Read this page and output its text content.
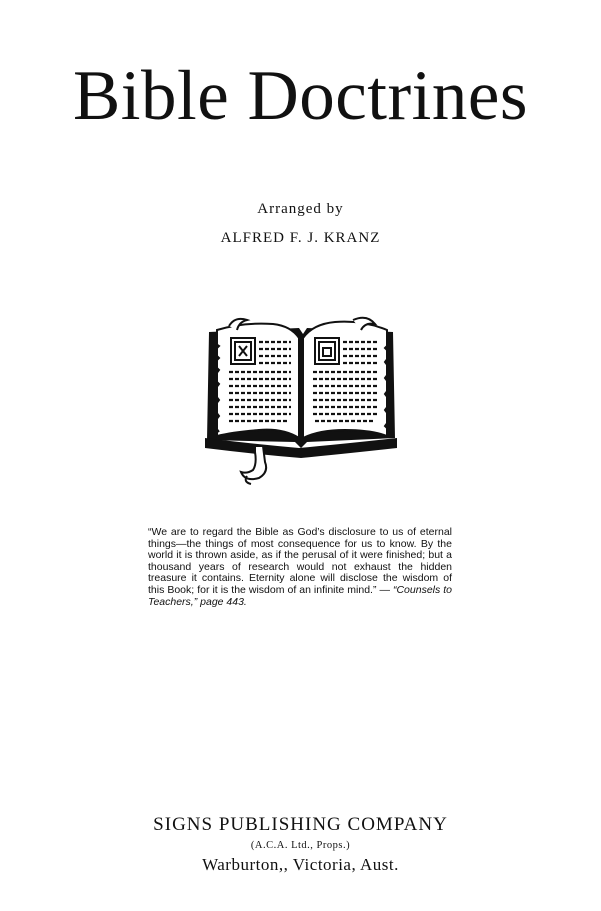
Bible Doctrines
Arranged by
ALFRED F. J. KRANZ
“We are to regard the Bible as God’s disclosure to us of eternal things—the things of most consequence for us to know. By the world it is thrown aside, as if the perusal of it were finished; but a thousand years of research would not exhaust the hidden treasure it contains. Eternity alone will disclose the wisdom of this Book; for it is the wisdom of an infinite mind.” — “Counsels to Teachers,” page 443.
SIGNS PUBLISHING COMPANY
(A.C.A. Ltd., Props.)
Warburton,, Victoria, Aust.
